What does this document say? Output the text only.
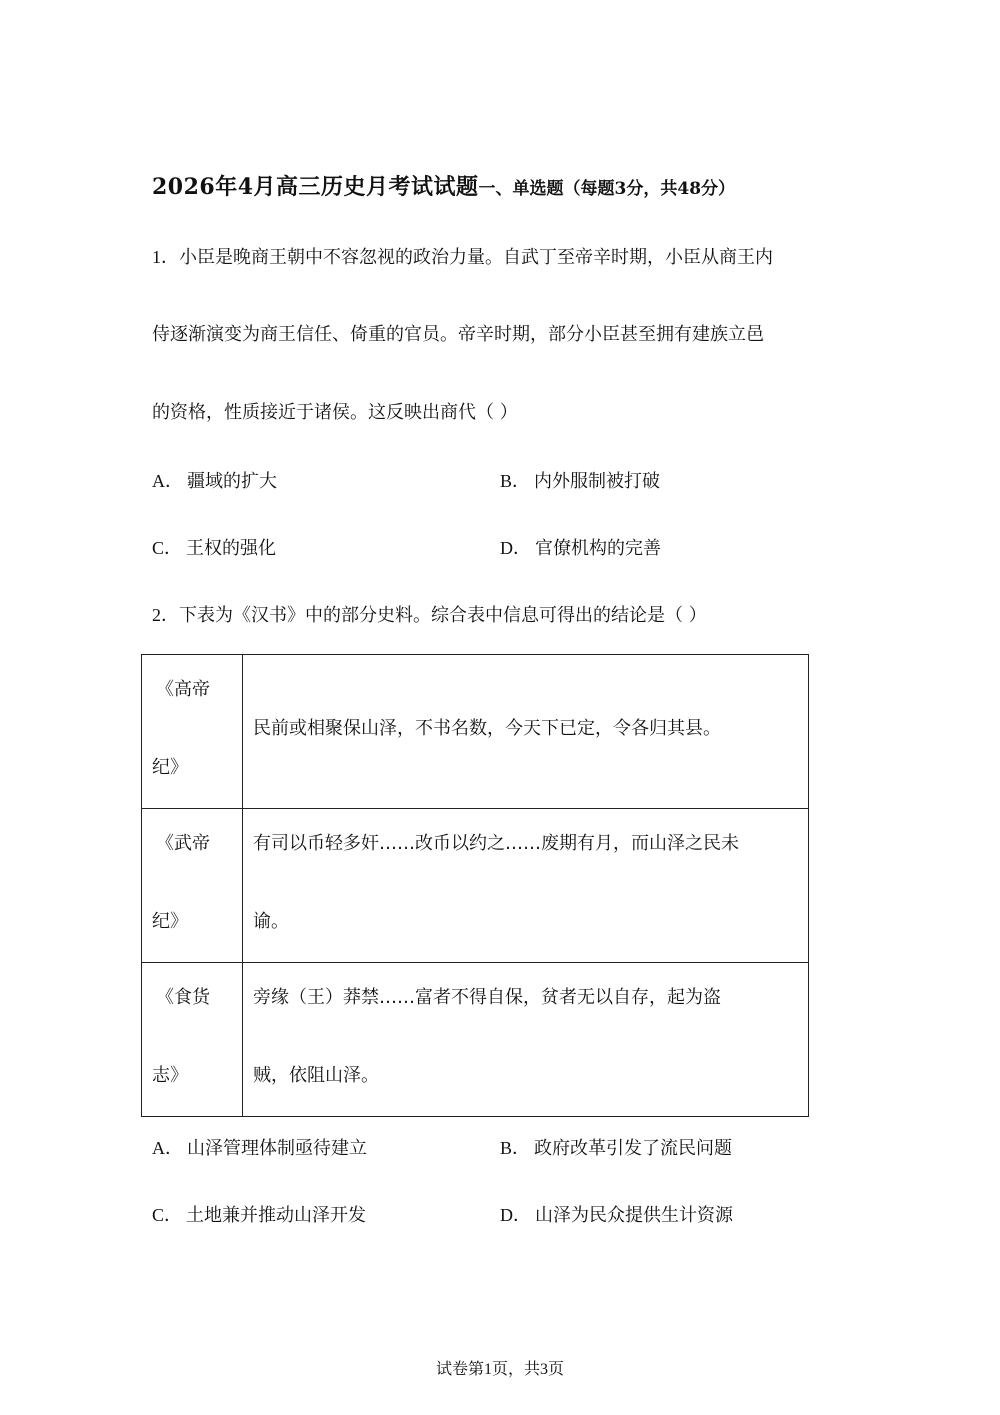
2026年4月高三历史月考试试题一、单选题（每题3分，共48分）
1．小臣是晚商王朝中不容忽视的政治力量。自武丁至帝辛时期，小臣从商王内
侍逐渐演变为商王信任、倚重的官员。帝辛时期，部分小臣甚至拥有建族立邑
的资格，性质接近于诸侯。这反映出商代（ ）
A． 疆域的扩大	B． 内外服制被打破
C． 王权的强化	D． 官僚机构的完善
2．下表为《汉书》中的部分史料。综合表中信息可得出的结论是（ ）
《高帝
纪》	民前或相聚保山泽，不书名数，今天下已定，令各归其县。

《武帝
纪》	有司以币轻多奸……改币以约之……废期有月，而山泽之民未
谕。

《食货
志》	旁缘（王）莽禁……富者不得自保，贫者无以自存，起为盗
贼，依阻山泽。
A． 山泽管理体制亟待建立	B． 政府改革引发了流民问题
C． 土地兼并推动山泽开发	D． 山泽为民众提供生计资源
试卷第1页，共3页
